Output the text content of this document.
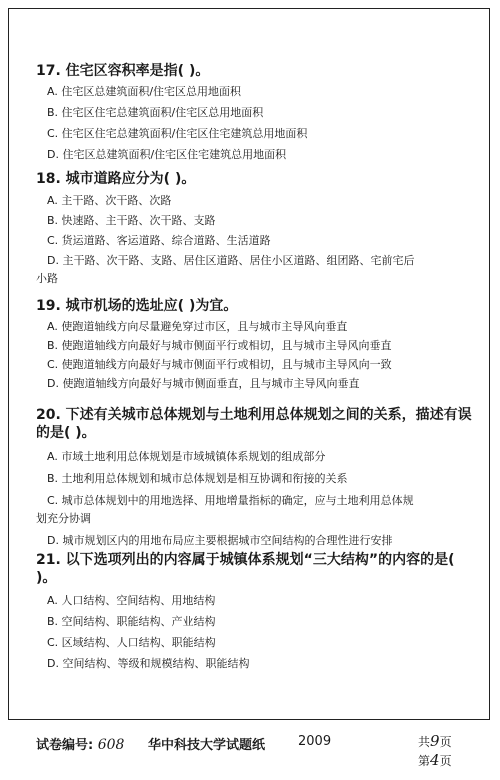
17. 住宅区容积率是指( )。
A. 住宅区总建筑面积/住宅区总用地面积
B. 住宅区住宅总建筑面积/住宅区总用地面积
C. 住宅区住宅总建筑面积/住宅区住宅建筑总用地面积
D. 住宅区总建筑面积/住宅区住宅建筑总用地面积
18. 城市道路应分为( )。
A. 主干路、次干路、次路
B. 快速路、主干路、次干路、支路
C. 货运道路、客运道路、综合道路、生活道路
D. 主干路、次干路、支路、居住区道路、居住小区道路、组团路、宅前宅后
小路
19. 城市机场的选址应( )为宜。
A. 使跑道轴线方向尽量避免穿过市区，且与城市主导风向垂直
B. 使跑道轴线方向最好与城市侧面平行或相切，且与城市主导风向垂直
C. 使跑道轴线方向最好与城市侧面平行或相切，且与城市主导风向一致
D. 使跑道轴线方向最好与城市侧面垂直，且与城市主导风向垂直
20. 下述有关城市总体规划与土地利用总体规划之间的关系，描述有误的是( )。
A. 市域土地利用总体规划是市域城镇体系规划的组成部分
B. 土地利用总体规划和城市总体规划是相互协调和衔接的关系
C. 城市总体规划中的用地选择、用地增量指标的确定，应与土地利用总体规
划充分协调
D. 城市规划区内的用地布局应主要根据城市空间结构的合理性进行安排
21. 以下选项列出的内容属于城镇体系规划“三大结构”的内容的是( )。
A. 人口结构、空间结构、用地结构
B. 空间结构、职能结构、产业结构
C. 区域结构、人口结构、职能结构
D. 空间结构、等级和规模结构、职能结构
试卷编号: 608 华中科技大学试题纸	2009	共9页
第4页
